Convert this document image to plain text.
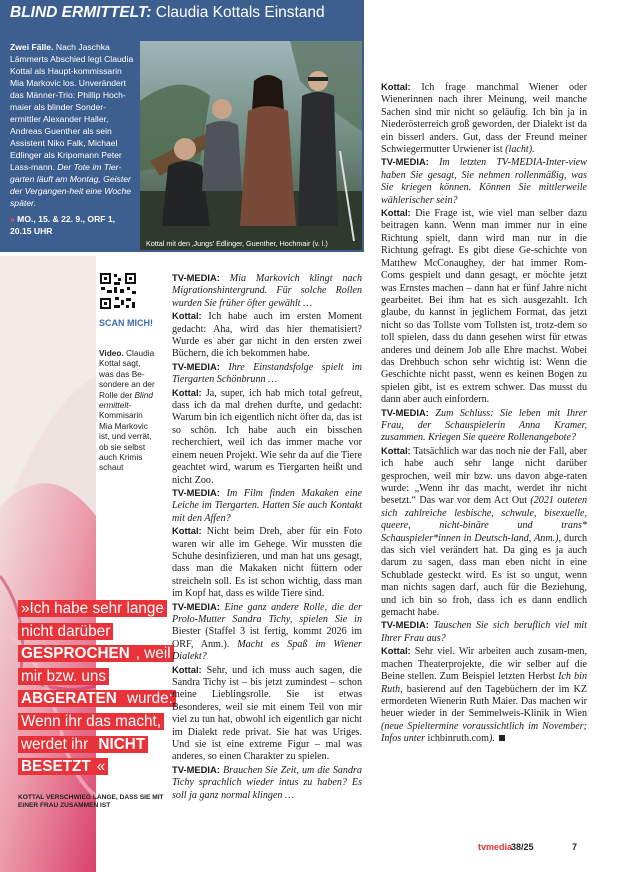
BLIND ERMITTELT: Claudia Kottals Einstand
Zwei Fälle. Nach Jaschka Lämmerts Abschied legt Claudia Kottal als Haupt-kommissarin Mia Markovic los. Unverändert das Männer-Trio: Phillip Hoch-maier als blinder Sonder-ermittler Alexander Haller, Andreas Guenther als sein Assistent Niko Falk, Michael Edlinger als Kripomann Peter Lass-mann. Der Tote im Tier-garten läuft am Montag, Geister der Vergangen-heit eine Woche später.
» MO., 15. & 22. 9., ORF 1, 20.15 UHR
Kottal mit den ‚Jungs' Edlinger, Guenther, Hochmair (v. l.)
SCAN MICH!
Video. Claudia Kottal sagt, was das Be-sondere an der Rolle der Blind ermittelt-Kommisarin Mia Markovic ist, und verrät, ob sie selbst auch Krimis schaut
»Ich habe sehr lange nicht darüber GESPROCHEN , weil mir bzw. uns ABGERATEN wurde: Wenn ihr das macht, werdet ihr NICHT BESETZT «
KOTTAL VERSCHWIEG LANGE, DASS SIE MIT EINER FRAU ZUSAMMEN IST

TV-MEDIA: Mia Markovich klingt nach Migrationshintergrund. Für solche Rollen wurden Sie früher öfter gewählt …

Kottal: Ich habe auch im ersten Moment gedacht: Aha, wird das hier thematisiert? Wurde es aber gar nicht in den ersten zwei Büchern, die ich bekommen habe.

TV-MEDIA: Ihre Einstandsfolge spielt im Tiergarten Schönbrunn …

Kottal: Ja, super, ich hab mich total gefreut, dass ich da mal drehen durfte, und gedacht: Warum bin ich eigentlich nicht öfter da, das ist so schön. Ich habe auch ein bisschen recherchiert, weil ich das immer mache vor einem neuen Projekt. Wie sehr da auf die Tiere geachtet wird, warum es Tiergarten heißt und nicht Zoo.

TV-MEDIA: Im Film finden Makaken eine Leiche im Tiergarten. Hatten Sie auch Kontakt mit den Affen?

Kottal: Nicht beim Dreh, aber für ein Foto waren wir alle im Gehege. Wir mussten die Schuhe desinfizieren, und man hat uns gesagt, dass man die Makaken nicht füttern oder streicheln soll. Es ist schon wichtig, dass man im Kopf hat, dass es wilde Tiere sind.

TV-MEDIA: Eine ganz andere Rolle, die der Prolo-Mutter Sandra Tichy, spielen Sie in Biester (Staffel 3 ist fertig, kommt 2026 im ORF, Anm.). Macht es Spaß im Wiener Dialekt?

Kottal: Sehr, und ich muss auch sagen, die Sandra Tichy ist – bis jetzt zumindest – schon meine Lieblingsrolle. Sie ist etwas Besonderes, weil sie mit einem Teil von mir viel zu tun hat, obwohl ich eigentlich gar nicht im Dialekt rede privat. Sie hat was Uriges. Und sie ist eine extreme Figur – mal was anderes, so einen Charakter zu spielen.

TV-MEDIA: Brauchen Sie Zeit, um die Sandra Tichy sprachlich wieder intus zu haben? Es soll ja ganz normal klingen …

Kottal: Ich frage manchmal Wiener oder Wienerinnen nach ihrer Meinung, weil manche Sachen sind mir nicht so geläufig. Ich bin ja in Niederösterreich groß geworden, der Dialekt ist da ein bisserl anders. Gut, dass der Freund meiner Schwiegermutter Urwiener ist (lacht).

TV-MEDIA: Im letzten TV-MEDIA-Inter-view haben Sie gesagt, Sie nehmen rollenmäßig, was Sie kriegen können. Können Sie mittlerweile wählerischer sein?

Kottal: Die Frage ist, wie viel man selber dazu beitragen kann. Wenn man immer nur in eine Richtung spielt, dann wird man nur in die Richtung gefragt. Es gibt diese Ge-schichte von Matthew McConaughey, der hat immer Rom-Coms gespielt und dann gesagt, er möchte jetzt was Ernstes machen – dann hat er fünf Jahre nicht gearbeitet. Bei ihm hat es sich ausgezahlt. Ich glaube, du kannst in jeglichem Format, das jetzt nicht so das Tollste vom Tollsten ist, trotz-dem so toll spielen, dass du dann gesehen wirst für etwas anderes und deinem Job alle Ehre machst. Wobei das Drehbuch schon sehr wichtig ist: Wenn die Geschichte nicht passt, wenn es keinen Bogen zu spielen gibt, ist es extrem schwer. Das musst du dann aber auch einfordern.

TV-MEDIA: Zum Schluss: Sie leben mit Ihrer Frau, der Schauspielerin Anna Kramer, zusammen. Kriegen Sie queere Rollenangebote?

Kottal: Tatsächlich war das noch nie der Fall, aber ich habe auch sehr lange nicht darüber gesprochen, weil mir bzw. uns davon abge-raten wurde: „Wenn ihr das macht, werdet ihr nicht besetzt.“ Das war vor dem Act Out (2021 outeten sich zahlreiche lesbische, schwule, bisexuelle, queere, nicht-binäre und trans* Schauspieler*innen in Deutsch-land, Anm.), durch das sich viel verändert hat. Da ging es ja auch darum zu sagen, dass man eben nicht in eine Schublade gesteckt wird. Es ist so ungut, wenn man nichts sagen darf, auch für die Beziehung, und ich bin so froh, dass ich es dann endlich gemacht habe.

TV-MEDIA: Tauschen Sie sich beruflich viel mit Ihrer Frau aus?

Kottal: Sehr viel. Wir arbeiten auch zusam-men, machen Theaterprojekte, die wir selber auf die Beine stellen. Zum Beispiel letzten Herbst Ich bin Ruth, basierend auf den Tagebüchern der im KZ ermordeten Wienerin Ruth Maier. Das machen wir heuer wieder in der Semmelweis-Klinik in Wien (neue Spieltermine voraussichtlich im November; Infos unter ichbinruth.com).

tvmedia
38/25	7
